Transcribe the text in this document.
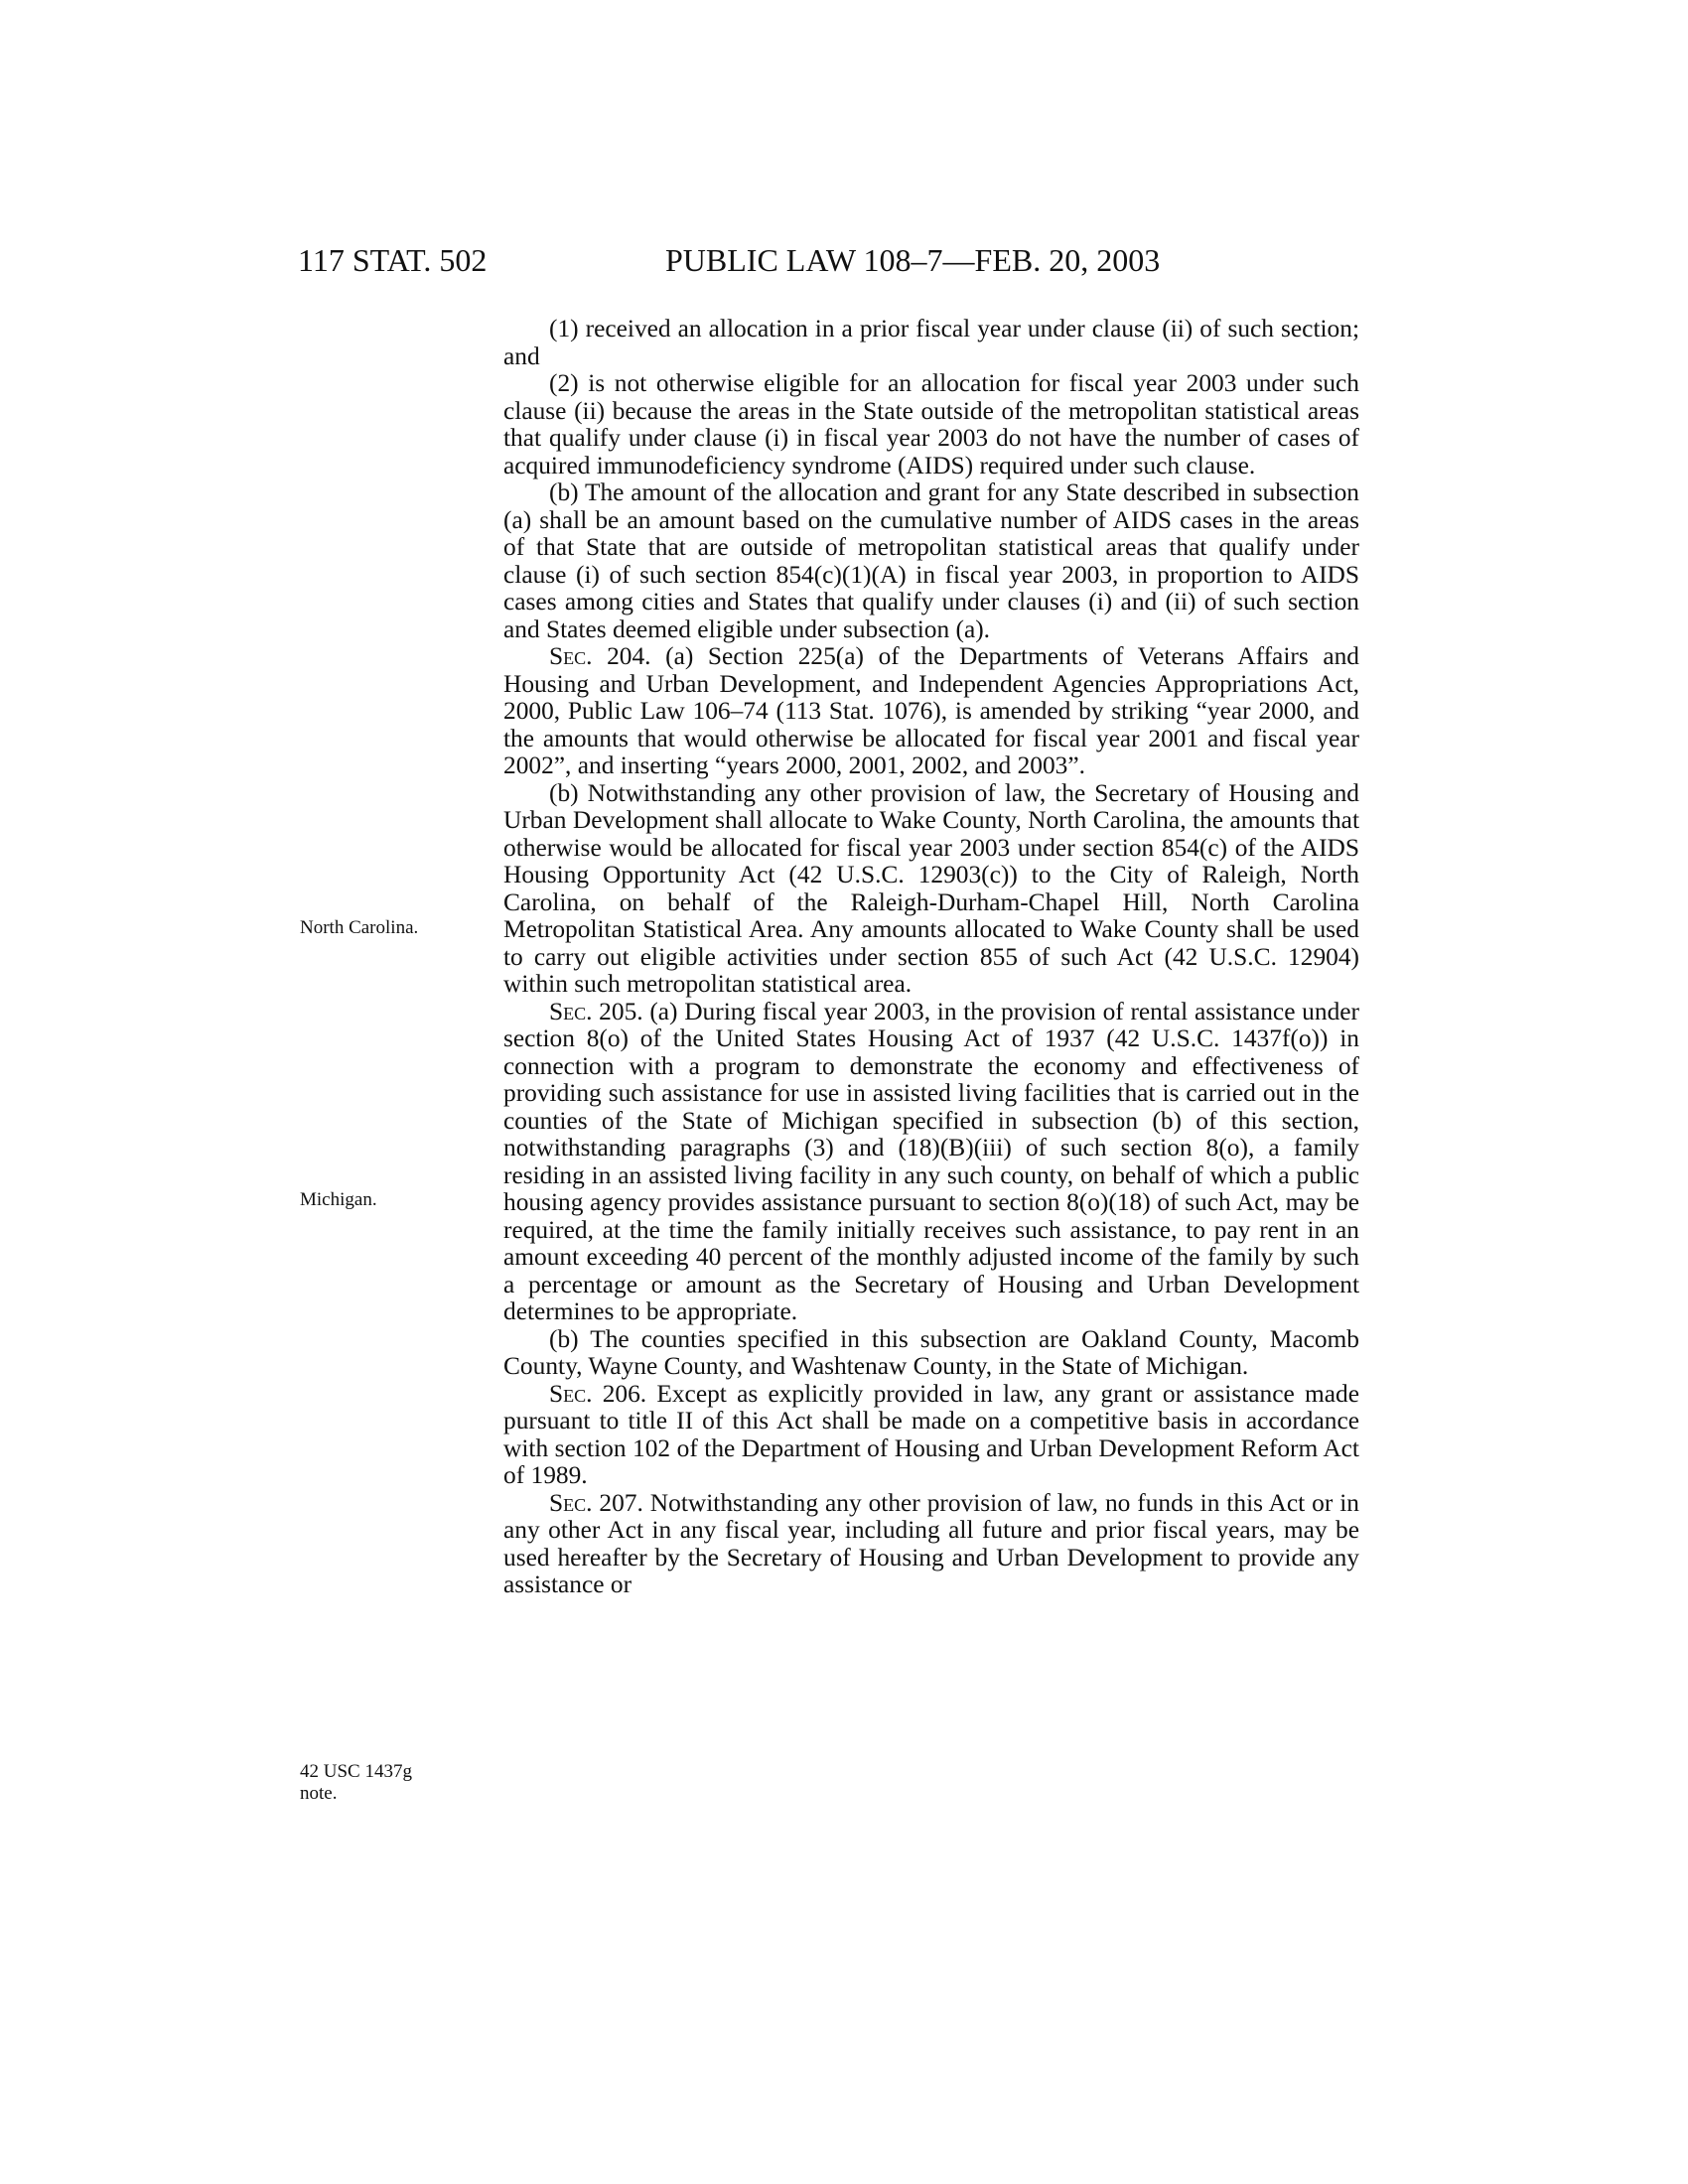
117 STAT. 502	PUBLIC LAW 108–7—FEB. 20, 2003
North Carolina.
Michigan.
42 USC 1437g
note.

(1) received an allocation in a prior fiscal year under clause (ii) of such section; and

(2) is not otherwise eligible for an allocation for fiscal year 2003 under such clause (ii) because the areas in the State outside of the metropolitan statistical areas that qualify under clause (i) in fiscal year 2003 do not have the number of cases of acquired immunodeficiency syndrome (AIDS) required under such clause.

(b) The amount of the allocation and grant for any State described in subsection (a) shall be an amount based on the cumulative number of AIDS cases in the areas of that State that are outside of metropolitan statistical areas that qualify under clause (i) of such section 854(c)(1)(A) in fiscal year 2003, in proportion to AIDS cases among cities and States that qualify under clauses (i) and (ii) of such section and States deemed eligible under subsection (a).

Sec. 204. (a) Section 225(a) of the Departments of Veterans Affairs and Housing and Urban Development, and Independent Agencies Appropriations Act, 2000, Public Law 106–74 (113 Stat. 1076), is amended by striking “year 2000, and the amounts that would otherwise be allocated for fiscal year 2001 and fiscal year 2002”, and inserting “years 2000, 2001, 2002, and 2003”.

(b) Notwithstanding any other provision of law, the Secretary of Housing and Urban Development shall allocate to Wake County, North Carolina, the amounts that otherwise would be allocated for fiscal year 2003 under section 854(c) of the AIDS Housing Opportunity Act (42 U.S.C. 12903(c)) to the City of Raleigh, North Carolina, on behalf of the Raleigh-Durham-Chapel Hill, North Carolina Metropolitan Statistical Area. Any amounts allocated to Wake County shall be used to carry out eligible activities under section 855 of such Act (42 U.S.C. 12904) within such metropolitan statistical area.

Sec. 205. (a) During fiscal year 2003, in the provision of rental assistance under section 8(o) of the United States Housing Act of 1937 (42 U.S.C. 1437f(o)) in connection with a program to demonstrate the economy and effectiveness of providing such assistance for use in assisted living facilities that is carried out in the counties of the State of Michigan specified in subsection (b) of this section, notwithstanding paragraphs (3) and (18)(B)(iii) of such section 8(o), a family residing in an assisted living facility in any such county, on behalf of which a public housing agency provides assistance pursuant to section 8(o)(18) of such Act, may be required, at the time the family initially receives such assistance, to pay rent in an amount exceeding 40 percent of the monthly adjusted income of the family by such a percentage or amount as the Secretary of Housing and Urban Development determines to be appropriate.

(b) The counties specified in this subsection are Oakland County, Macomb County, Wayne County, and Washtenaw County, in the State of Michigan.

Sec. 206. Except as explicitly provided in law, any grant or assistance made pursuant to title II of this Act shall be made on a competitive basis in accordance with section 102 of the Department of Housing and Urban Development Reform Act of 1989.

Sec. 207. Notwithstanding any other provision of law, no funds in this Act or in any other Act in any fiscal year, including all future and prior fiscal years, may be used hereafter by the Secretary of Housing and Urban Development to provide any assistance or
